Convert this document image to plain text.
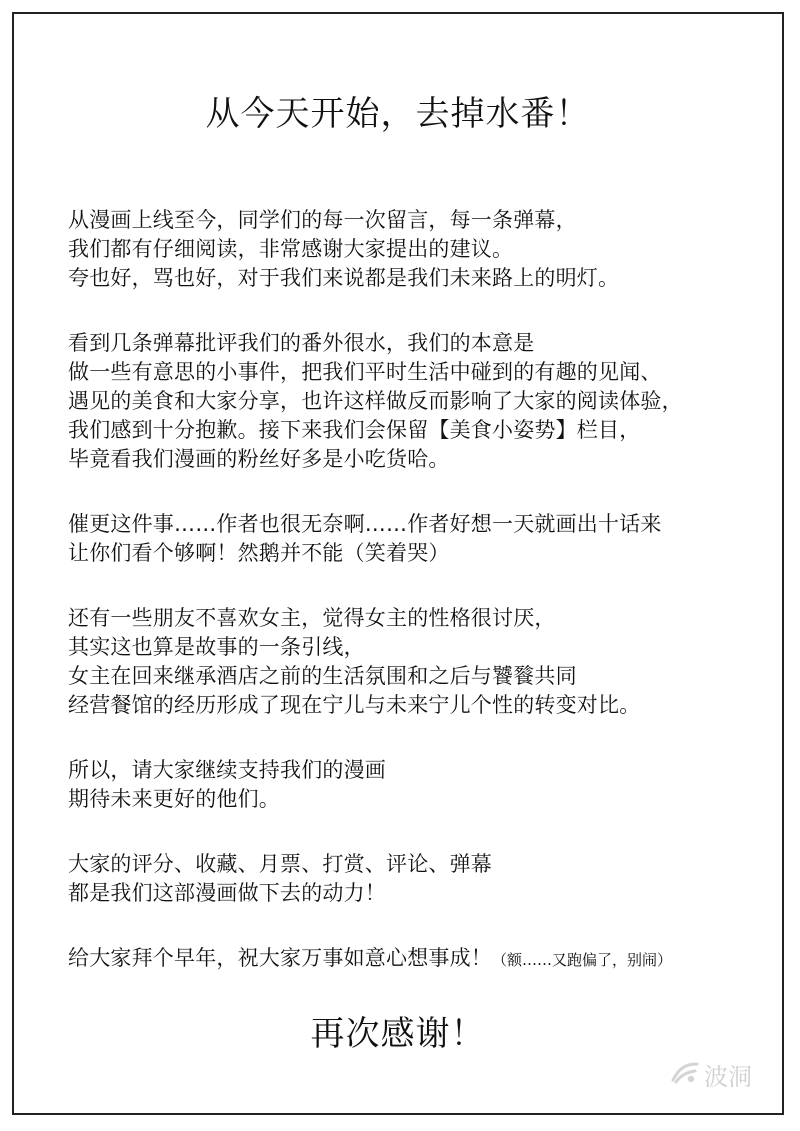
从今天开始，去掉水番！
从漫画上线至今，同学们的每一次留言，每一条弹幕，
我们都有仔细阅读，非常感谢大家提出的建议。
夸也好，骂也好，对于我们来说都是我们未来路上的明灯。
看到几条弹幕批评我们的番外很水，我们的本意是
做一些有意思的小事件，把我们平时生活中碰到的有趣的见闻、
遇见的美食和大家分享，也许这样做反而影响了大家的阅读体验，
我们感到十分抱歉。接下来我们会保留【美食小姿势】栏目，
毕竟看我们漫画的粉丝好多是小吃货哈。
催更这件事……作者也很无奈啊……作者好想一天就画出十话来
让你们看个够啊！然鹅并不能（笑着哭）
还有一些朋友不喜欢女主，觉得女主的性格很讨厌，
其实这也算是故事的一条引线，
女主在回来继承酒店之前的生活氛围和之后与饕餮共同
经营餐馆的经历形成了现在宁儿与未来宁儿个性的转变对比。
所以，请大家继续支持我们的漫画
期待未来更好的他们。
大家的评分、收藏、月票、打赏、评论、弹幕
都是我们这部漫画做下去的动力！
给大家拜个早年，祝大家万事如意心想事成！（额……又跑偏了，别闹）
再次感谢！
波洞
